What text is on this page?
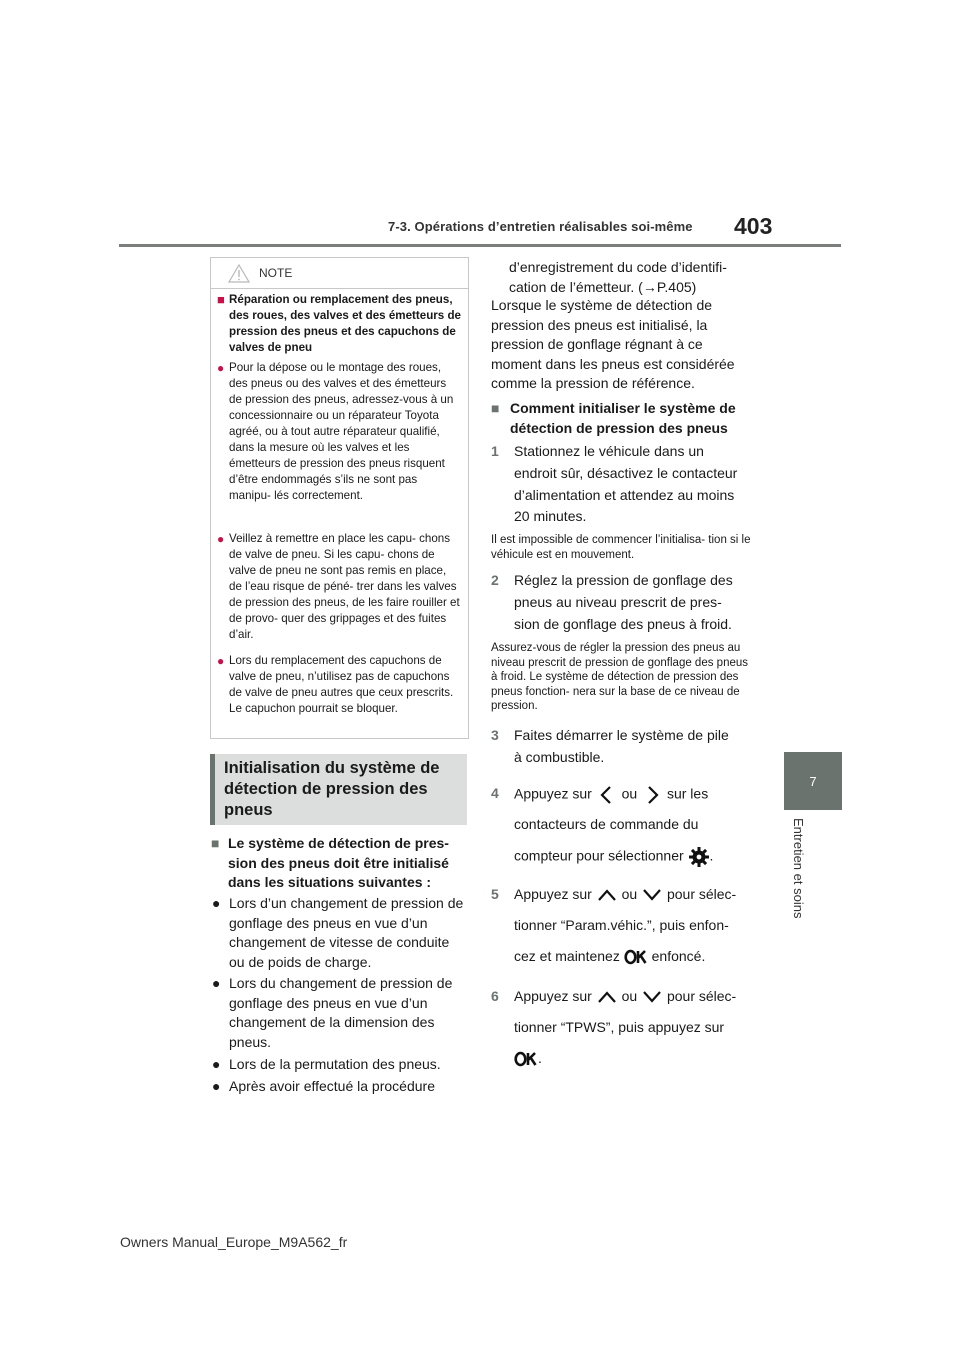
7-3. Opérations d’entretien réalisables soi-même 403
7
Entretien et soins
NOTE
■ Réparation ou remplacement des pneus, des roues, des valves et des émetteurs de pression des pneus et des capuchons de valves de pneu
● Pour la dépose ou le montage des roues, des pneus ou des valves et des émetteurs de pression des pneus, adressez-vous à un concessionnaire ou un réparateur Toyota agréé, ou à tout autre réparateur qualifié, dans la mesure où les valves et les émetteurs de pression des pneus risquent d’être endommagés s’ils ne sont pas manipu- lés correctement.
● Veillez à remettre en place les capu- chons de valve de pneu. Si les capu- chons de valve de pneu ne sont pas remis en place, de l’eau risque de péné- trer dans les valves de pression des pneus, de les faire rouiller et de provo- quer des grippages et des fuites d’air.
● Lors du remplacement des capuchons de valve de pneu, n’utilisez pas de capuchons de valve de pneu autres que ceux prescrits. Le capuchon pourrait se bloquer.
Initialisation du système de détection de pression des pneus
■ Le système de détection de pres- sion des pneus doit être initialisé dans les situations suivantes :
● Lors d’un changement de pression de gonflage des pneus en vue d’un changement de vitesse de conduite ou de poids de charge.
● Lors du changement de pression de gonflage des pneus en vue d’un changement de la dimension des pneus.
● Lors de la permutation des pneus.
● Après avoir effectué la procédure
d’enregistrement du code d’identifi- cation de l’émetteur. (→P.405)
Lorsque le système de détection de pression des pneus est initialisé, la pression de gonflage régnant à ce moment dans les pneus est considérée comme la pression de référence.
■ Comment initialiser le système de détection de pression des pneus
1 Stationnez le véhicule dans un endroit sûr, désactivez le contacteur d’alimentation et attendez au moins 20 minutes.
Il est impossible de commencer l’initialisa- tion si le véhicule est en mouvement.
2 Réglez la pression de gonflage des pneus au niveau prescrit de pres- sion de gonflage des pneus à froid.
Assurez-vous de régler la pression des pneus au niveau prescrit de pression de gonflage des pneus à froid. Le système de détection de pression des pneus fonction- nera sur la base de ce niveau de pression.
3 Faites démarrer le système de pile à combustible.
4 Appuyez sur ou sur les
contacteurs de commande du
compteur pour sélectionner .
5 Appuyez sur ou pour sélec-
tionner “Param.véhic.”, puis enfon-
cez et maintenez enfoncé.
6 Appuyez sur ou pour sélec-
tionner “TPWS”, puis appuyez sur
.
Owners Manual_Europe_M9A562_fr
